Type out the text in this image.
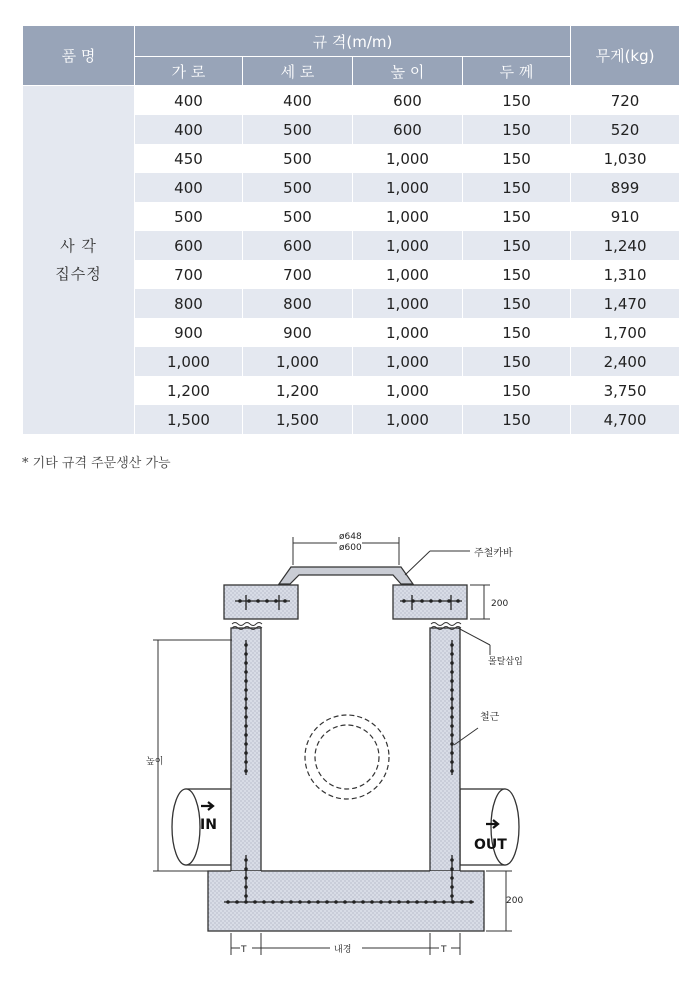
품 명	규 격(m/m)				무게(kg)
	가 로	세 로	높 이	두 께	

사 각
집수정	400	400	600	150	720
	400	500	600	150	520
	450	500	1,000	150	1,030
	400	500	1,000	150	899
	500	500	1,000	150	910
	600	600	1,000	150	1,240
	700	700	1,000	150	1,310
	800	800	1,000	150	1,470
	900	900	1,000	150	1,700
	1,000	1,000	1,000	150	2,400
	1,200	1,200	1,000	150	3,750
	1,500	1,500	1,000	150	4,700
* 기타 규격 주문생산 가능
ø648
ø600	주철카바
200
몰탈삽입
철근
높이
200
T	내경	T
IN
OUT
